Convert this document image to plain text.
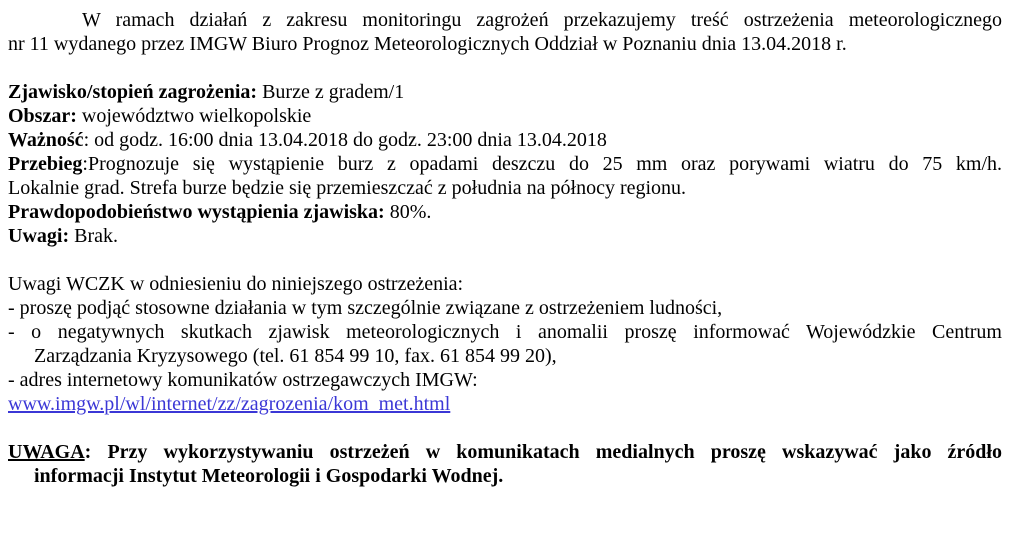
W ramach działań z zakresu monitoringu zagrożeń przekazujemy treść ostrzeżenia meteorologicznego
nr 11 wydanego przez IMGW Biuro Prognoz Meteorologicznych Oddział w Poznaniu dnia 13.04.2018 r.
Zjawisko/stopień zagrożenia: Burze z gradem/1
Obszar: województwo wielkopolskie
Ważność: od godz. 16:00 dnia 13.04.2018 do godz. 23:00 dnia 13.04.2018
Przebieg:Prognozuje się wystąpienie burz z opadami deszczu do 25 mm oraz porywami wiatru do 75 km/h.
Lokalnie grad. Strefa burze będzie się przemieszczać z południa na północy regionu.
Prawdopodobieństwo wystąpienia zjawiska: 80%.
Uwagi: Brak.
Uwagi WCZK w odniesieniu do niniejszego ostrzeżenia:
- proszę podjąć stosowne działania w tym szczególnie związane z ostrzeżeniem ludności,
- o negatywnych skutkach zjawisk meteorologicznych i anomalii proszę informować Wojewódzkie Centrum
Zarządzania Kryzysowego (tel. 61 854 99 10, fax. 61 854 99 20),
- adres internetowy komunikatów ostrzegawczych IMGW:
www.imgw.pl/wl/internet/zz/zagrozenia/kom_met.html
UWAGA: Przy wykorzystywaniu ostrzeżeń w komunikatach medialnych proszę wskazywać jako źródło
informacji Instytut Meteorologii i Gospodarki Wodnej.
